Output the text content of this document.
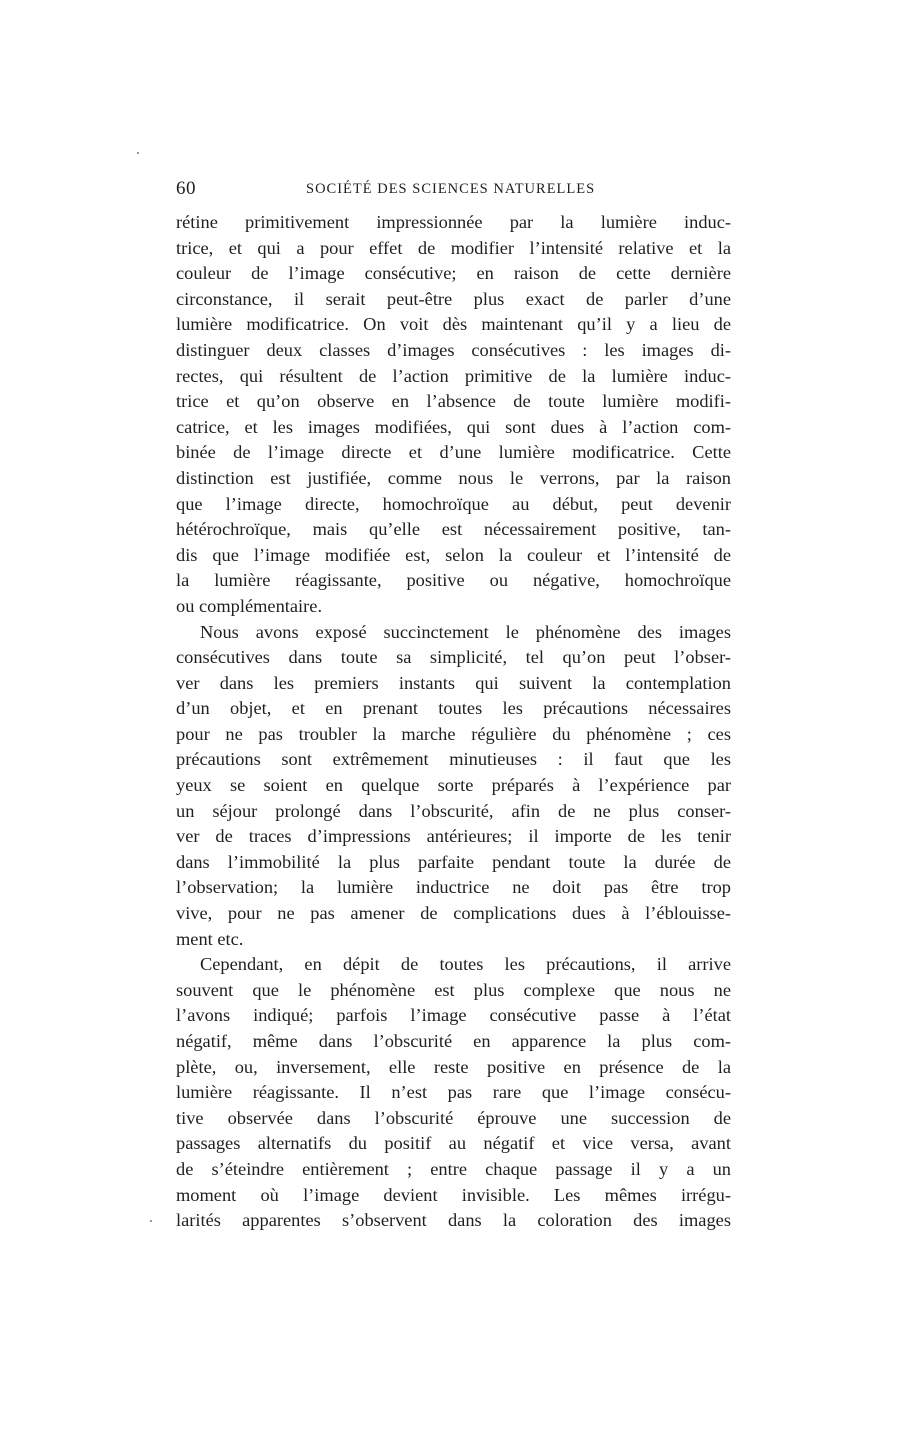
60	SOCIÉTÉ DES SCIENCES NATURELLES
rétine primitivement impressionnée par la lumière induc-
trice, et qui a pour effet de modifier l’intensité relative et la
couleur de l’image consécutive; en raison de cette dernière
circonstance, il serait peut-être plus exact de parler d’une
lumière modificatrice. On voit dès maintenant qu’il y a lieu de
distinguer deux classes d’images consécutives : les images di-
rectes, qui résultent de l’action primitive de la lumière induc-
trice et qu’on observe en l’absence de toute lumière modifi-
catrice, et les images modifiées, qui sont dues à l’action com-
binée de l’image directe et d’une lumière modificatrice. Cette
distinction est justifiée, comme nous le verrons, par la raison
que l’image directe, homochroïque au début, peut devenir
hétérochroïque, mais qu’elle est nécessairement positive, tan-
dis que l’image modifiée est, selon la couleur et l’intensité de
la lumière réagissante, positive ou négative, homochroïque
ou complémentaire.
Nous avons exposé succinctement le phénomène des images
consécutives dans toute sa simplicité, tel qu’on peut l’obser-
ver dans les premiers instants qui suivent la contemplation
d’un objet, et en prenant toutes les précautions nécessaires
pour ne pas troubler la marche régulière du phénomène ; ces
précautions sont extrêmement minutieuses : il faut que les
yeux se soient en quelque sorte préparés à l’expérience par
un séjour prolongé dans l’obscurité, afin de ne plus conser-
ver de traces d’impressions antérieures; il importe de les tenir
dans l’immobilité la plus parfaite pendant toute la durée de
l’observation; la lumière inductrice ne doit pas être trop
vive, pour ne pas amener de complications dues à l’éblouisse-
ment etc.
Cependant, en dépit de toutes les précautions, il arrive
souvent que le phénomène est plus complexe que nous ne
l’avons indiqué; parfois l’image consécutive passe à l’état
négatif, même dans l’obscurité en apparence la plus com-
plète, ou, inversement, elle reste positive en présence de la
lumière réagissante. Il n’est pas rare que l’image consécu-
tive observée dans l’obscurité éprouve une succession de
passages alternatifs du positif au négatif et vice versa, avant
de s’éteindre entièrement ; entre chaque passage il y a un
moment où l’image devient invisible. Les mêmes irrégu-
larités apparentes s’observent dans la coloration des images
